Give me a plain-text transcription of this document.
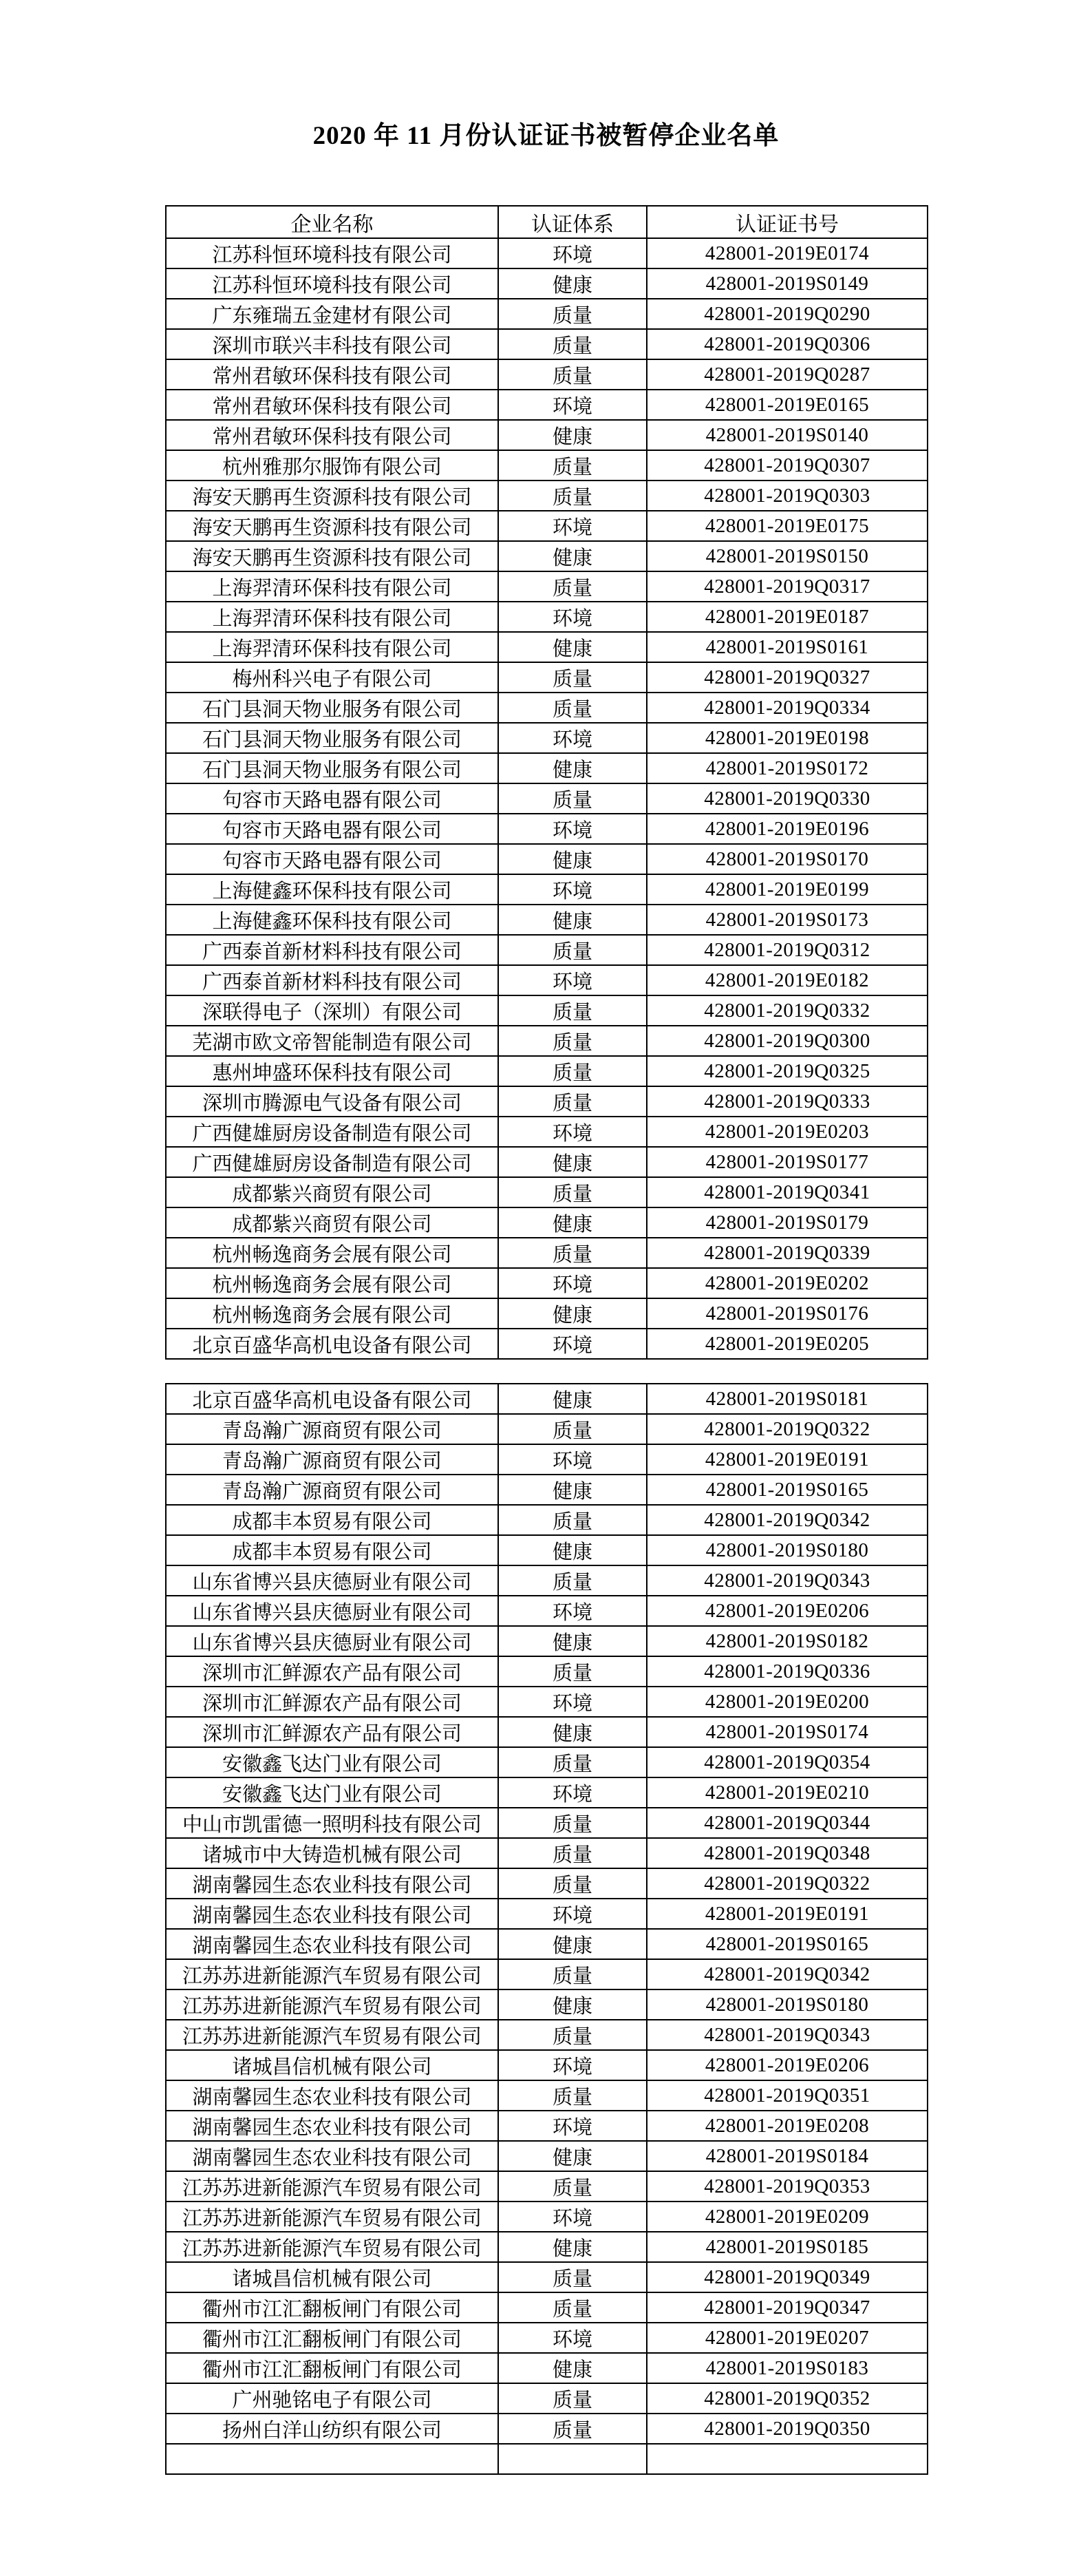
2020 年 11 月份认证证书被暂停企业名单
企业名称	认证体系	认证证书号
江苏科恒环境科技有限公司	环境	428001-2019E0174
江苏科恒环境科技有限公司	健康	428001-2019S0149
广东雍瑞五金建材有限公司	质量	428001-2019Q0290
深圳市联兴丰科技有限公司	质量	428001-2019Q0306
常州君敏环保科技有限公司	质量	428001-2019Q0287
常州君敏环保科技有限公司	环境	428001-2019E0165
常州君敏环保科技有限公司	健康	428001-2019S0140
杭州雅那尔服饰有限公司	质量	428001-2019Q0307
海安天鹏再生资源科技有限公司	质量	428001-2019Q0303
海安天鹏再生资源科技有限公司	环境	428001-2019E0175
海安天鹏再生资源科技有限公司	健康	428001-2019S0150
上海羿清环保科技有限公司	质量	428001-2019Q0317
上海羿清环保科技有限公司	环境	428001-2019E0187
上海羿清环保科技有限公司	健康	428001-2019S0161
梅州科兴电子有限公司	质量	428001-2019Q0327
石门县洞天物业服务有限公司	质量	428001-2019Q0334
石门县洞天物业服务有限公司	环境	428001-2019E0198
石门县洞天物业服务有限公司	健康	428001-2019S0172
句容市天路电器有限公司	质量	428001-2019Q0330
句容市天路电器有限公司	环境	428001-2019E0196
句容市天路电器有限公司	健康	428001-2019S0170
上海健鑫环保科技有限公司	环境	428001-2019E0199
上海健鑫环保科技有限公司	健康	428001-2019S0173
广西泰首新材料科技有限公司	质量	428001-2019Q0312
广西泰首新材料科技有限公司	环境	428001-2019E0182
深联得电子（深圳）有限公司	质量	428001-2019Q0332
芜湖市欧文帝智能制造有限公司	质量	428001-2019Q0300
惠州坤盛环保科技有限公司	质量	428001-2019Q0325
深圳市腾源电气设备有限公司	质量	428001-2019Q0333
广西健雄厨房设备制造有限公司	环境	428001-2019E0203
广西健雄厨房设备制造有限公司	健康	428001-2019S0177
成都紫兴商贸有限公司	质量	428001-2019Q0341
成都紫兴商贸有限公司	健康	428001-2019S0179
杭州畅逸商务会展有限公司	质量	428001-2019Q0339
杭州畅逸商务会展有限公司	环境	428001-2019E0202
杭州畅逸商务会展有限公司	健康	428001-2019S0176
北京百盛华高机电设备有限公司	环境	428001-2019E0205
北京百盛华高机电设备有限公司	健康	428001-2019S0181
青岛瀚广源商贸有限公司	质量	428001-2019Q0322
青岛瀚广源商贸有限公司	环境	428001-2019E0191
青岛瀚广源商贸有限公司	健康	428001-2019S0165
成都丰本贸易有限公司	质量	428001-2019Q0342
成都丰本贸易有限公司	健康	428001-2019S0180
山东省博兴县庆德厨业有限公司	质量	428001-2019Q0343
山东省博兴县庆德厨业有限公司	环境	428001-2019E0206
山东省博兴县庆德厨业有限公司	健康	428001-2019S0182
深圳市汇鲜源农产品有限公司	质量	428001-2019Q0336
深圳市汇鲜源农产品有限公司	环境	428001-2019E0200
深圳市汇鲜源农产品有限公司	健康	428001-2019S0174
安徽鑫飞达门业有限公司	质量	428001-2019Q0354
安徽鑫飞达门业有限公司	环境	428001-2019E0210
中山市凯雷德一照明科技有限公司	质量	428001-2019Q0344
诸城市中大铸造机械有限公司	质量	428001-2019Q0348
湖南馨园生态农业科技有限公司	质量	428001-2019Q0322
湖南馨园生态农业科技有限公司	环境	428001-2019E0191
湖南馨园生态农业科技有限公司	健康	428001-2019S0165
江苏苏进新能源汽车贸易有限公司	质量	428001-2019Q0342
江苏苏进新能源汽车贸易有限公司	健康	428001-2019S0180
江苏苏进新能源汽车贸易有限公司	质量	428001-2019Q0343
诸城昌信机械有限公司	环境	428001-2019E0206
湖南馨园生态农业科技有限公司	质量	428001-2019Q0351
湖南馨园生态农业科技有限公司	环境	428001-2019E0208
湖南馨园生态农业科技有限公司	健康	428001-2019S0184
江苏苏进新能源汽车贸易有限公司	质量	428001-2019Q0353
江苏苏进新能源汽车贸易有限公司	环境	428001-2019E0209
江苏苏进新能源汽车贸易有限公司	健康	428001-2019S0185
诸城昌信机械有限公司	质量	428001-2019Q0349
衢州市江汇翻板闸门有限公司	质量	428001-2019Q0347
衢州市江汇翻板闸门有限公司	环境	428001-2019E0207
衢州市江汇翻板闸门有限公司	健康	428001-2019S0183
广州驰铭电子有限公司	质量	428001-2019Q0352
扬州白洋山纺织有限公司	质量	428001-2019Q0350
